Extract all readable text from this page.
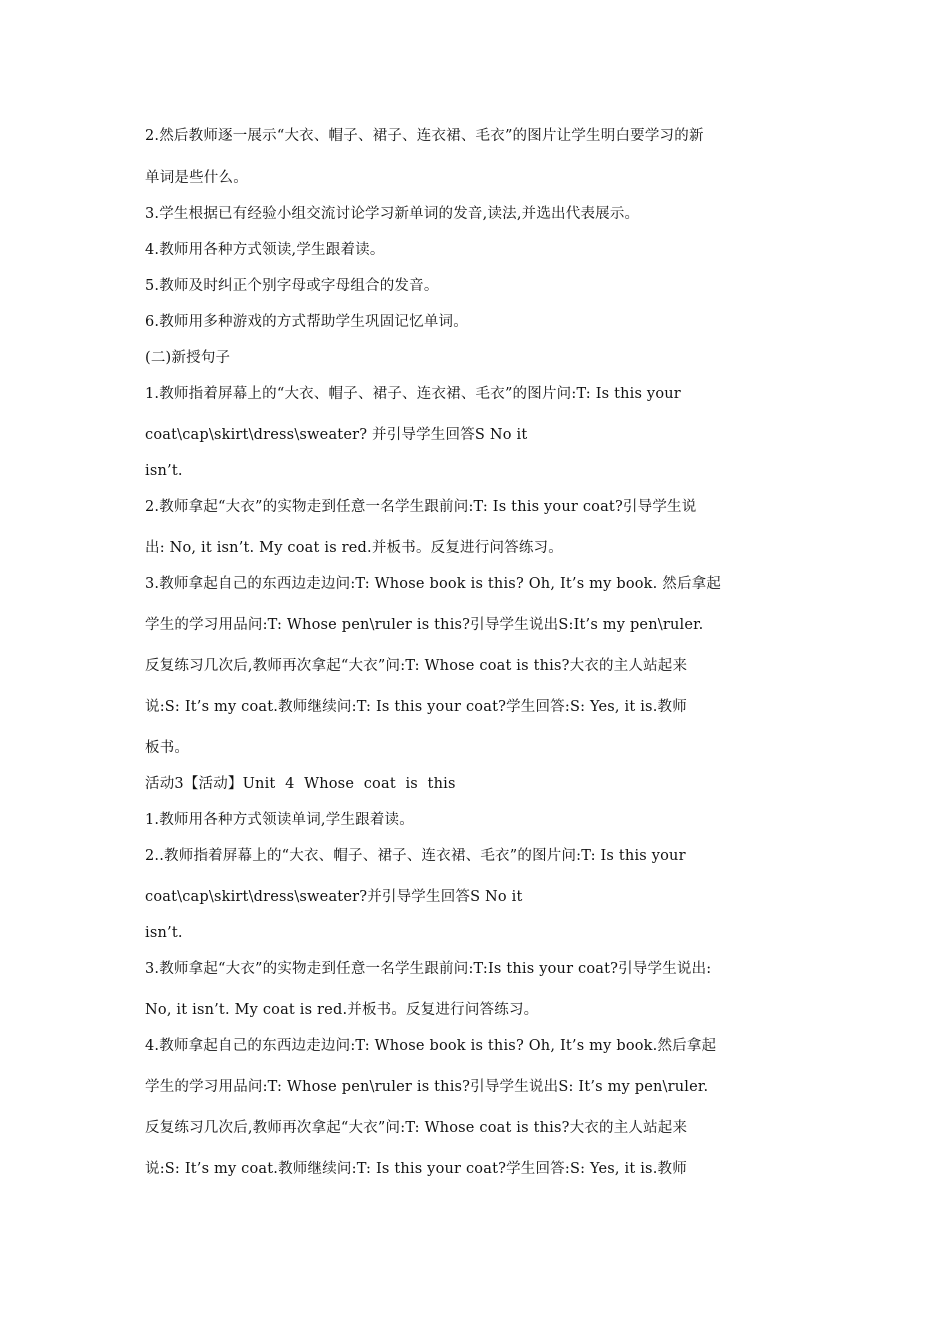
2.然后教师逐一展示“大衣、帽子、裙子、连衣裙、毛衣”的图片让学生明白要学习的新
单词是些什么。
3.学生根据已有经验小组交流讨论学习新单词的发音,读法,并选出代表展示。
4.教师用各种方式领读,学生跟着读。
5.教师及时纠正个别字母或字母组合的发音。
6.教师用多种游戏的方式帮助学生巩固记忆单词。
(二)新授句子
1.教师指着屏幕上的“大衣、帽子、裙子、连衣裙、毛衣”的图片问:T: Is this your
coat\cap\skirt\dress\sweater? 并引导学生回答S No it
isn’t.
2.教师拿起“大衣”的实物走到任意一名学生跟前问:T: Is this your coat?引导学生说
出: No, it isn’t. My coat is red.并板书。反复进行问答练习。
3.教师拿起自己的东西边走边问:T: Whose book is this? Oh, It’s my book. 然后拿起
学生的学习用品问:T: Whose pen\ruler is this?引导学生说出S:It’s my pen\ruler.
反复练习几次后,教师再次拿起“大衣”问:T: Whose coat is this?大衣的主人站起来
说:S: It’s my coat.教师继续问:T: Is this your coat?学生回答:S: Yes, it is.教师
板书。
活动3【活动】Unit  4  Whose  coat  is  this
1.教师用各种方式领读单词,学生跟着读。
2..教师指着屏幕上的“大衣、帽子、裙子、连衣裙、毛衣”的图片问:T: Is this your
coat\cap\skirt\dress\sweater?并引导学生回答S No it
isn’t.
3.教师拿起“大衣”的实物走到任意一名学生跟前问:T:Is this your coat?引导学生说出:
No, it isn’t. My coat is red.并板书。反复进行问答练习。
4.教师拿起自己的东西边走边问:T: Whose book is this? Oh, It’s my book.然后拿起
学生的学习用品问:T: Whose pen\ruler is this?引导学生说出S: It’s my pen\ruler.
反复练习几次后,教师再次拿起“大衣”问:T: Whose coat is this?大衣的主人站起来
说:S: It’s my coat.教师继续问:T: Is this your coat?学生回答:S: Yes, it is.教师
